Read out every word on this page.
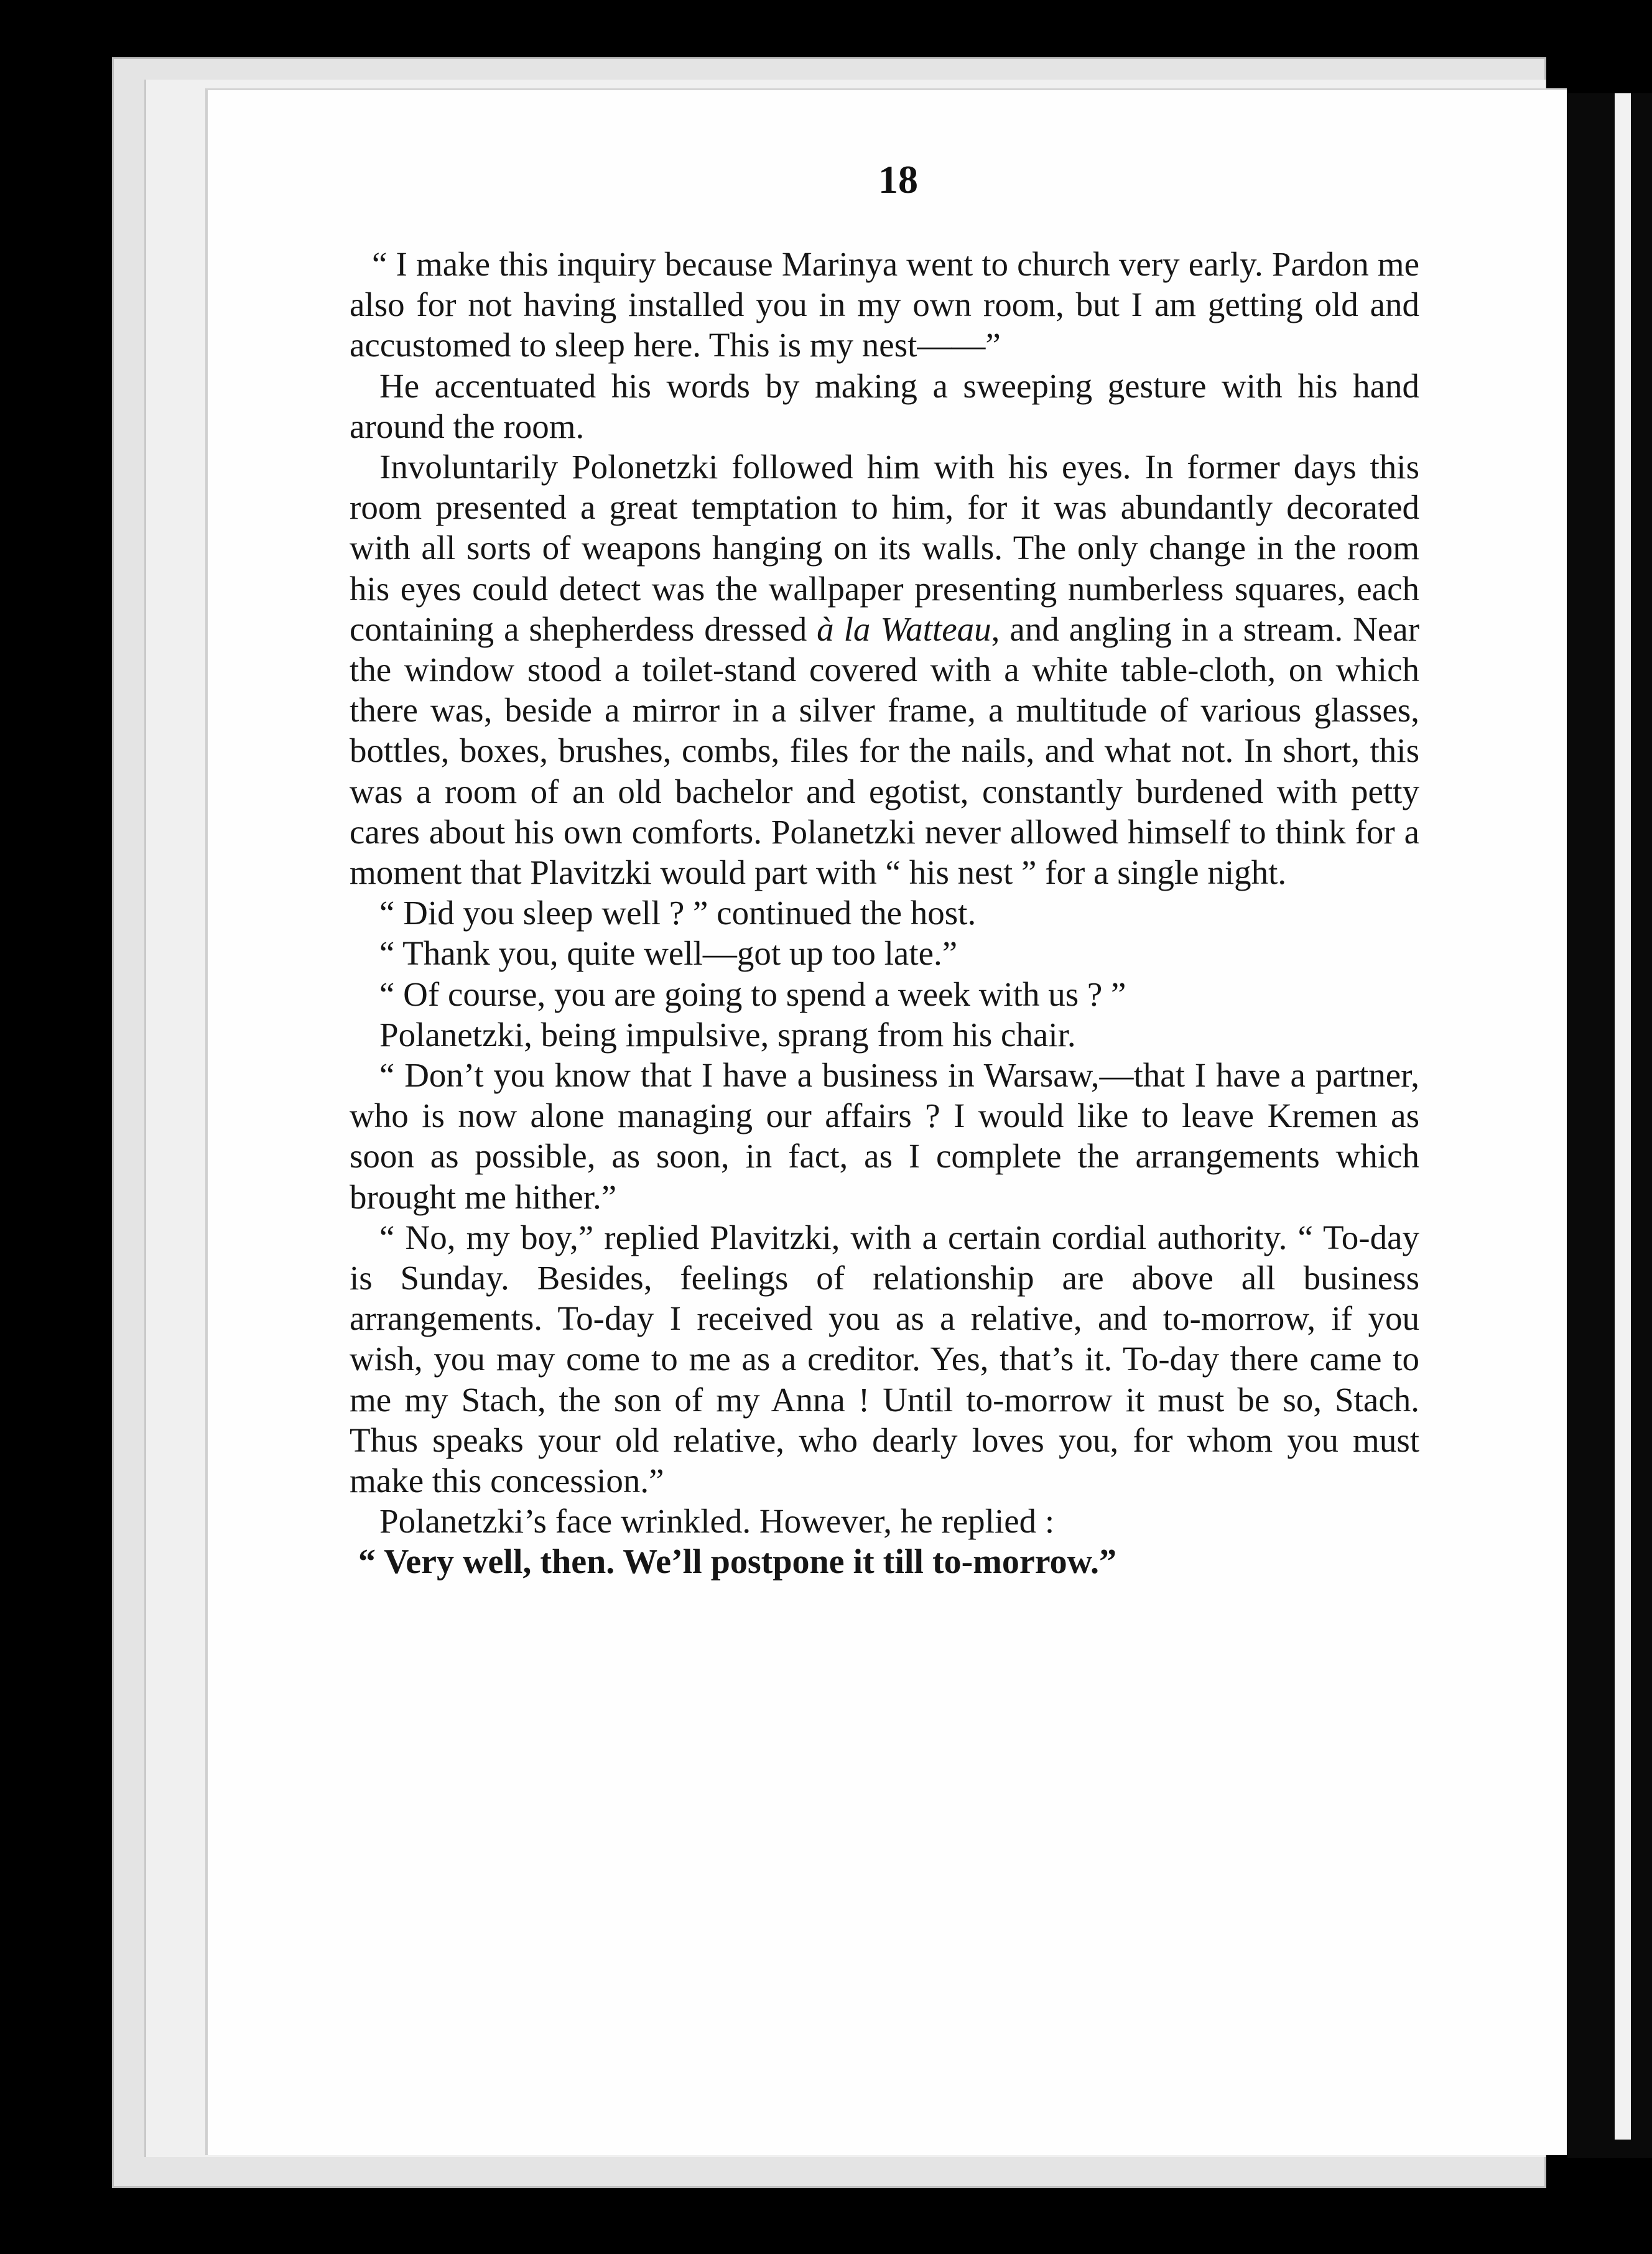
18

“ I make this inquiry because Marinya went to church very early. Pardon me also for not having installed you in my own room, but I am getting old and accustomed to sleep here. This is my nest——”

He accentuated his words by making a sweeping gesture with his hand around the room.

Involuntarily Polonetzki followed him with his eyes. In former days this room presented a great temptation to him, for it was abundantly decorated with all sorts of weapons hanging on its walls. The only change in the room his eyes could detect was the wallpaper presenting numberless squares, each containing a shepherdess dressed à la Watteau, and angling in a stream. Near the window stood a toilet-stand covered with a white table-cloth, on which there was, beside a mirror in a silver frame, a multitude of various glasses, bottles, boxes, brushes, combs, files for the nails, and what not. In short, this was a room of an old bachelor and egotist, constantly burdened with petty cares about his own comforts. Polanetzki never allowed himself to think for a moment that Plavitzki would part with “ his nest ” for a single night.

“ Did you sleep well ? ” continued the host.

“ Thank you, quite well—got up too late.”

“ Of course, you are going to spend a week with us ? ”

Polanetzki, being impulsive, sprang from his chair.

“ Don’t you know that I have a business in Warsaw,—that I have a partner, who is now alone managing our affairs ? I would like to leave Kremen as soon as possible, as soon, in fact, as I complete the arrangements which brought me hither.”

“ No, my boy,” replied Plavitzki, with a certain cordial authority. “ To-day is Sunday. Besides, feelings of relationship are above all business arrangements. To-day I received you as a relative, and to-morrow, if you wish, you may come to me as a creditor. Yes, that’s it. To-day there came to me my Stach, the son of my Anna ! Until to-morrow it must be so, Stach. Thus speaks your old relative, who dearly loves you, for whom you must make this concession.”

Polanetzki’s face wrinkled. However, he replied :

“ Very well, then. We’ll postpone it till to-morrow.”
